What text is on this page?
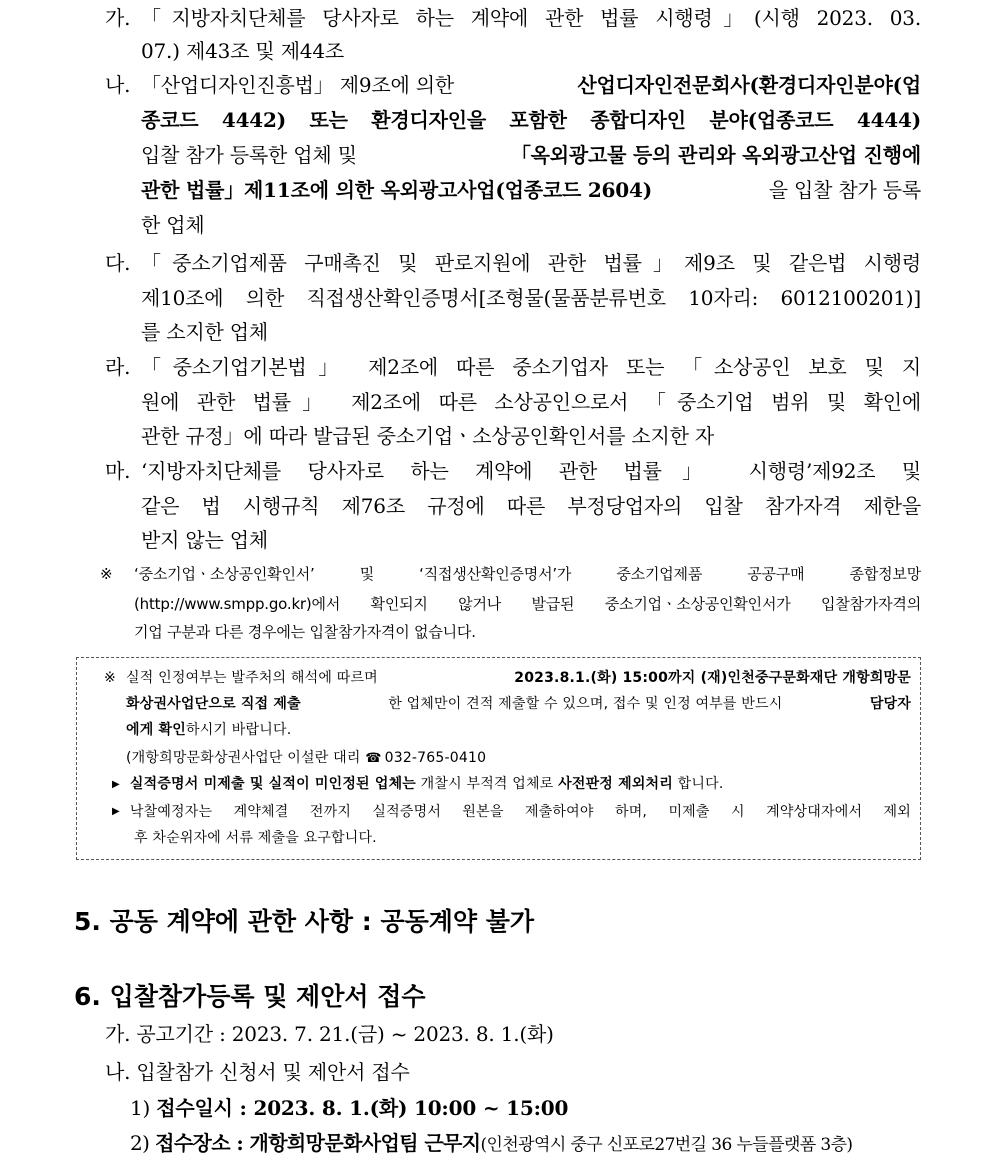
가. 「지방자치단체를 당사자로 하는 계약에 관한 법률 시행령」(시행 2023. 03.
07.) 제43조 및 제44조
나. 「산업디자인진흥법」 제9조에 의한	산업디자인전문회사(환경디자인분야(업
종코드 4442) 또는 환경디자인을 포함한 종합디자인 분야(업종코드 4444)
입찰 참가 등록한 업체 및	「옥외광고물 등의 관리와 옥외광고산업 진행에
관한 법률」제11조에 의한 옥외광고사업(업종코드 2604)	을 입찰 참가 등록
한 업체
다. 「중소기업제품 구매촉진 및 판로지원에 관한 법률」제9조 및 같은법 시행령
제10조에 의한 직접생산확인증명서[조형물(물품분류번호 10자리: 6012100201)]
를 소지한 업체
라. 「중소기업기본법」 제2조에 따른 중소기업자 또는 「소상공인 보호 및 지
원에 관한 법률」 제2조에 따른 소상공인으로서 「중소기업 범위 및 확인에
관한 규정」에 따라 발급된 중소기업ㆍ소상공인확인서를 소지한 자
마. ‘지방자치단체를 당사자로 하는 계약에 관한 법률」 시행령’제92조 및
같은 법 시행규칙 제76조 규정에 따른 부정당업자의 입찰 참가자격 제한을
받지 않는 업체
※ ‘중소기업ㆍ소상공인확인서’ 및 ‘직접생산확인증명서’가 중소기업제품 공공구매 종합정보망
(http://www.smpp.go.kr)에서 확인되지 않거나 발급된 중소기업ㆍ소상공인확인서가 입찰참가자격의
기업 구분과 다른 경우에는 입찰참가자격이 없습니다.
※ 실적 인정여부는 발주처의 해석에 따르며	2023.8.1.(화) 15:00까지 (재)인천중구문화재단 개항희망문
화상권사업단으로 직접 제출	한 업체만이 견적 제출할 수 있으며, 접수 및 인정 여부를 반드시	담당자
에게 확인하시기 바랍니다.
(개항희망문화상권사업단 이설란 대리 ☎ 032-765-0410
▶ 실적증명서 미제출 및 실적이 미인정된 업체는 개찰시 부적격 업체로 사전판정 제외처리 합니다.
▶ 낙찰예정자는 계약체결 전까지 실적증명서 원본을 제출하여야 하며, 미제출 시 계약상대자에서 제외
후 차순위자에 서류 제출을 요구합니다.
5. 공동 계약에 관한 사항 : 공동계약 불가
6. 입찰참가등록 및 제안서 접수
가. 공고기간 : 2023. 7. 21.(금) ~ 2023. 8. 1.(화)
나. 입찰참가 신청서 및 제안서 접수
1) 접수일시 : 2023. 8. 1.(화) 10:00 ~ 15:00
2) 접수장소 : 개항희망문화사업팀 근무지(인천광역시 중구 신포로27번길 36 누들플랫폼 3층)
